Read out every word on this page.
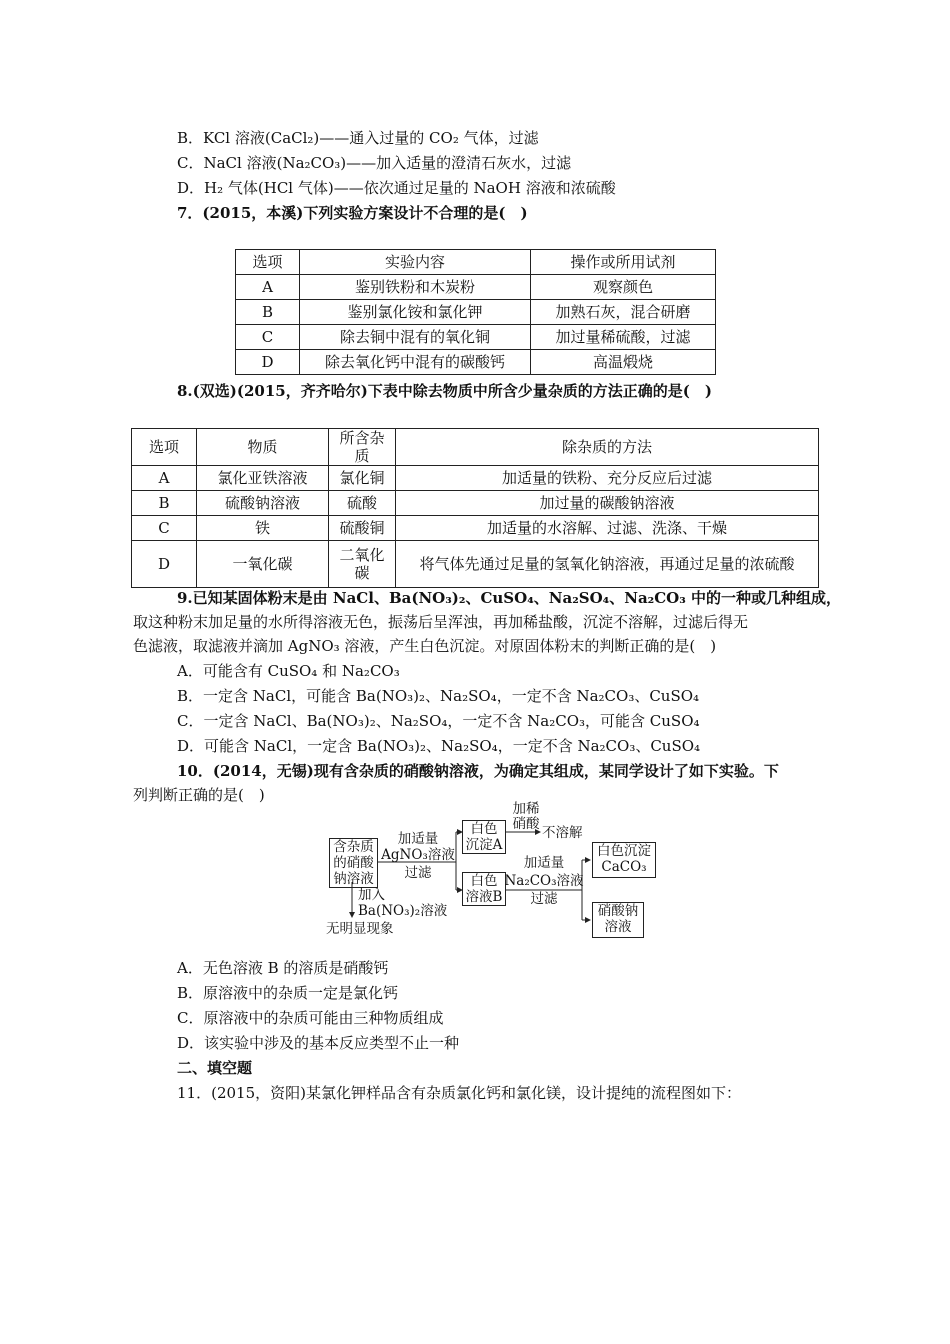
B．KCl 溶液(CaCl₂)——通入过量的 CO₂ 气体，过滤
C．NaCl 溶液(Na₂CO₃)——加入适量的澄清石灰水，过滤
D．H₂ 气体(HCl 气体)——依次通过足量的 NaOH 溶液和浓硫酸
7．(2015，本溪)下列实验方案设计不合理的是(　)
选项	实验内容	操作或所用试剂
A	鉴别铁粉和木炭粉	观察颜色
B	鉴别氯化铵和氯化钾	加熟石灰，混合研磨
C	除去铜中混有的氧化铜	加过量稀硫酸，过滤
D	除去氧化钙中混有的碳酸钙	高温煅烧
8.(双选)(2015，齐齐哈尔)下表中除去物质中所含少量杂质的方法正确的是(　)
选项	物质	所含杂质	除杂质的方法
A	氯化亚铁溶液	氯化铜	加适量的铁粉、充分反应后过滤
B	硫酸钠溶液	硫酸	加过量的碳酸钠溶液
C	铁	硫酸铜	加适量的水溶解、过滤、洗涤、干燥
D	一氧化碳	二氧化碳	将气体先通过足量的氢氧化钠溶液，再通过足量的浓硫酸
9.已知某固体粉末是由 NaCl、Ba(NO₃)₂、CuSO₄、Na₂SO₄、Na₂CO₃ 中的一种或几种组成，
取这种粉末加足量的水所得溶液无色，振荡后呈浑浊，再加稀盐酸，沉淀不溶解，过滤后得无
色滤液，取滤液并滴加 AgNO₃ 溶液，产生白色沉淀。对原固体粉末的判断正确的是(　)
A．可能含有 CuSO₄ 和 Na₂CO₃
B．一定含 NaCl，可能含 Ba(NO₃)₂、Na₂SO₄，一定不含 Na₂CO₃、CuSO₄
C．一定含 NaCl、Ba(NO₃)₂、Na₂SO₄，一定不含 Na₂CO₃，可能含 CuSO₄
D．可能含 NaCl，一定含 Ba(NO₃)₂、Na₂SO₄，一定不含 Na₂CO₃、CuSO₄
10．(2014，无锡)现有含杂质的硝酸钠溶液，为确定其组成，某同学设计了如下实验。下
列判断正确的是(　)
含杂质
的硝酸
钠溶液
加适量
AgNO₃溶液
过滤
白色
沉淀A
白色
溶液B
加稀
硝酸
不溶解
加适量
Na₂CO₃溶液
过滤
白色沉淀
CaCO₃
硝酸钠
溶液
加入
Ba(NO₃)₂溶液
无明显现象
A．无色溶液 B 的溶质是硝酸钙
B．原溶液中的杂质一定是氯化钙
C．原溶液中的杂质可能由三种物质组成
D．该实验中涉及的基本反应类型不止一种
二、填空题
11．(2015，资阳)某氯化钾样品含有杂质氯化钙和氯化镁，设计提纯的流程图如下：
